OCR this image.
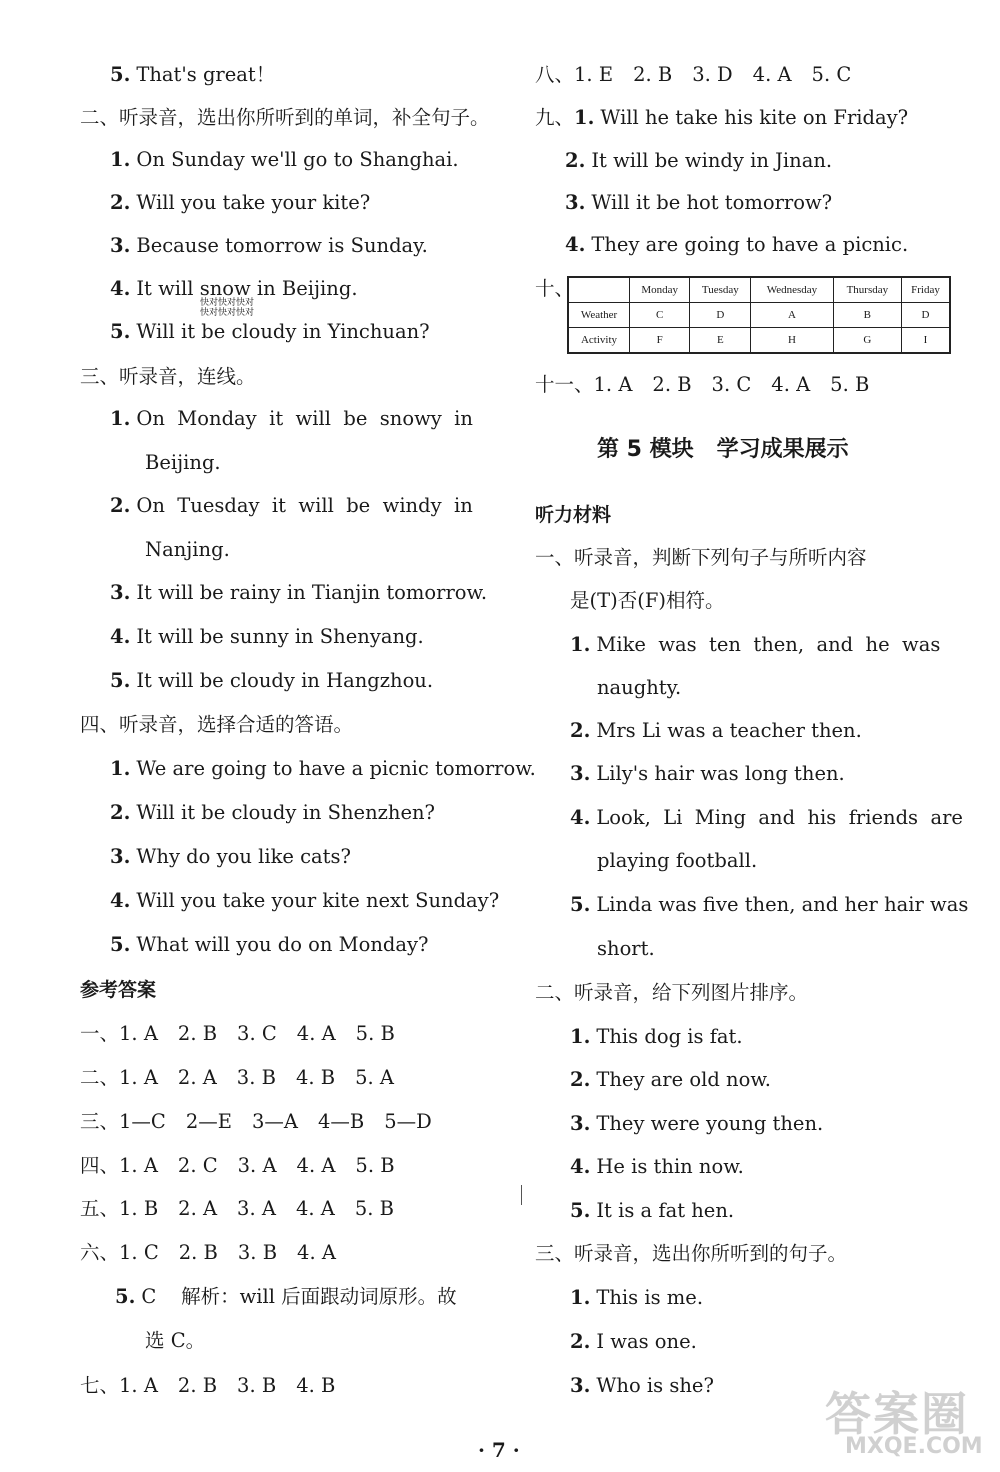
5. That's great！
二、听录音，选出你所听到的单词，补全句子。
1. On Sunday we'll go to Shanghai.
2. Will you take your kite?
3. Because tomorrow is Sunday.
4. It will snow in Beijing.
快对快对快对
快对快对快对
5. Will it be cloudy in Yinchuan?
三、听录音，连线。
1. On  Monday  it  will  be  snowy  in
Beijing.
2. On  Tuesday  it  will  be  windy  in
Nanjing.
3. It will be rainy in Tianjin tomorrow.
4. It will be sunny in Shenyang.
5. It will be cloudy in Hangzhou.
四、听录音，选择合适的答语。
1. We are going to have a picnic tomorrow.
2. Will it be cloudy in Shenzhen?
3. Why do you like cats?
4. Will you take your kite next Sunday?
5. What will you do on Monday?
参考答案
一、1. A 2. B 3. C 4. A 5. B
二、1. A 2. A 3. B 4. B 5. A
三、1—C 2—E 3—A 4—B 5—D
四、1. A 2. C 3. A 4. A 5. B
五、1. B 2. A 3. A 4. A 5. B
六、1. C 2. B 3. B 4. A
5. C    解析：will 后面跟动词原形。故
选 C。
七、1. A 2. B 3. B 4. B
八、1. E 2. B 3. D 4. A 5. C
九、1. Will he take his kite on Friday?
2. It will be windy in Jinan.
3. Will it be hot tomorrow?
4. They are going to have a picnic.
十、
十一、1. A 2. B 3. C 4. A 5. B
第 5 模块   学习成果展示
听力材料
一、听录音，判断下列句子与所听内容
是(T)否(F)相符。
1. Mike  was  ten  then,  and  he  was
naughty.
2. Mrs Li was a teacher then.
3. Lily's hair was long then.
4. Look,  Li  Ming  and  his  friends  are
playing football.
5. Linda was five then, and her hair was
short.
二、听录音，给下列图片排序。
1. This dog is fat.
2. They are old now.
3. They were young then.
4. He is thin now.
5. It is a fat hen.
三、听录音，选出你所听到的句子。
1. This is me.
2. I was one.
3. Who is she?
	Monday	Tuesday	Wednesday	Thursday	Friday
Weather	C	D	A	B	D
Activity	F	E	H	G	I
· 7 ·
答案圈
MXQE.COM
